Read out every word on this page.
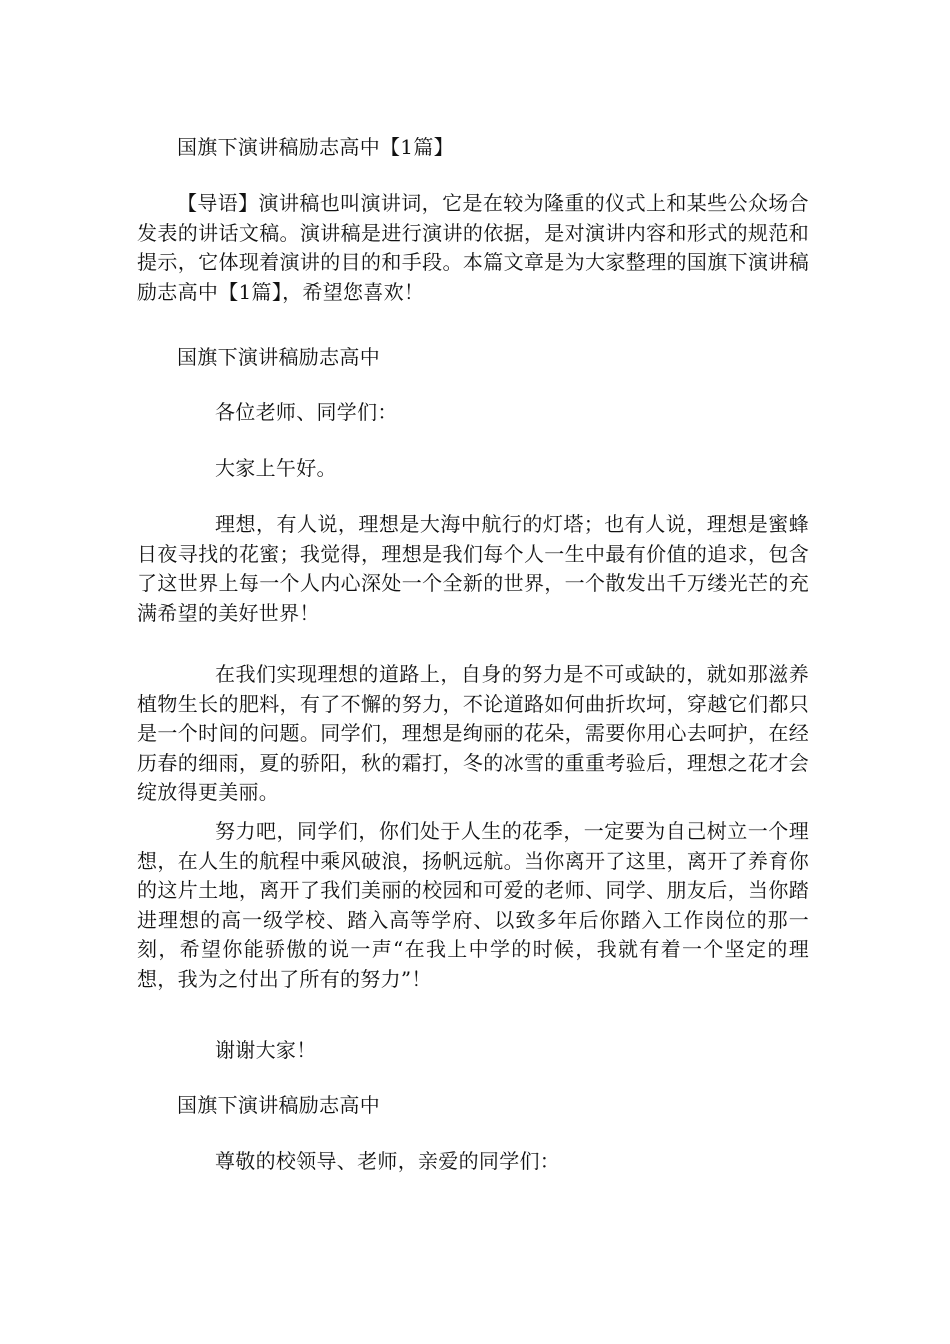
国旗下演讲稿励志高中【1篇】

【导语】演讲稿也叫演讲词，它是在较为隆重的仪式上和某些公众场合发表的讲话文稿。演讲稿是进行演讲的依据，是对演讲内容和形式的规范和提示，它体现着演讲的目的和手段。本篇文章是为大家整理的国旗下演讲稿励志高中【1篇】，希望您喜欢！

国旗下演讲稿励志高中

各位老师、同学们：

大家上午好。

理想，有人说，理想是大海中航行的灯塔；也有人说，理想是蜜蜂日夜寻找的花蜜；我觉得，理想是我们每个人一生中最有价值的追求，包含了这世界上每一个人内心深处一个全新的世界，一个散发出千万缕光芒的充满希望的美好世界！

在我们实现理想的道路上，自身的努力是不可或缺的，就如那滋养植物生长的肥料，有了不懈的努力，不论道路如何曲折坎坷，穿越它们都只是一个时间的问题。同学们，理想是绚丽的花朵，需要你用心去呵护，在经历春的细雨，夏的骄阳，秋的霜打，冬的冰雪的重重考验后，理想之花才会绽放得更美丽。

努力吧，同学们，你们处于人生的花季，一定要为自己树立一个理想，在人生的航程中乘风破浪，扬帆远航。当你离开了这里，离开了养育你的这片土地，离开了我们美丽的校园和可爱的老师、同学、朋友后，当你踏进理想的高一级学校、踏入高等学府、以致多年后你踏入工作岗位的那一刻，希望你能骄傲的说一声“在我上中学的时候，我就有着一个坚定的理想，我为之付出了所有的努力”！

谢谢大家！

国旗下演讲稿励志高中

尊敬的校领导、老师，亲爱的同学们：
